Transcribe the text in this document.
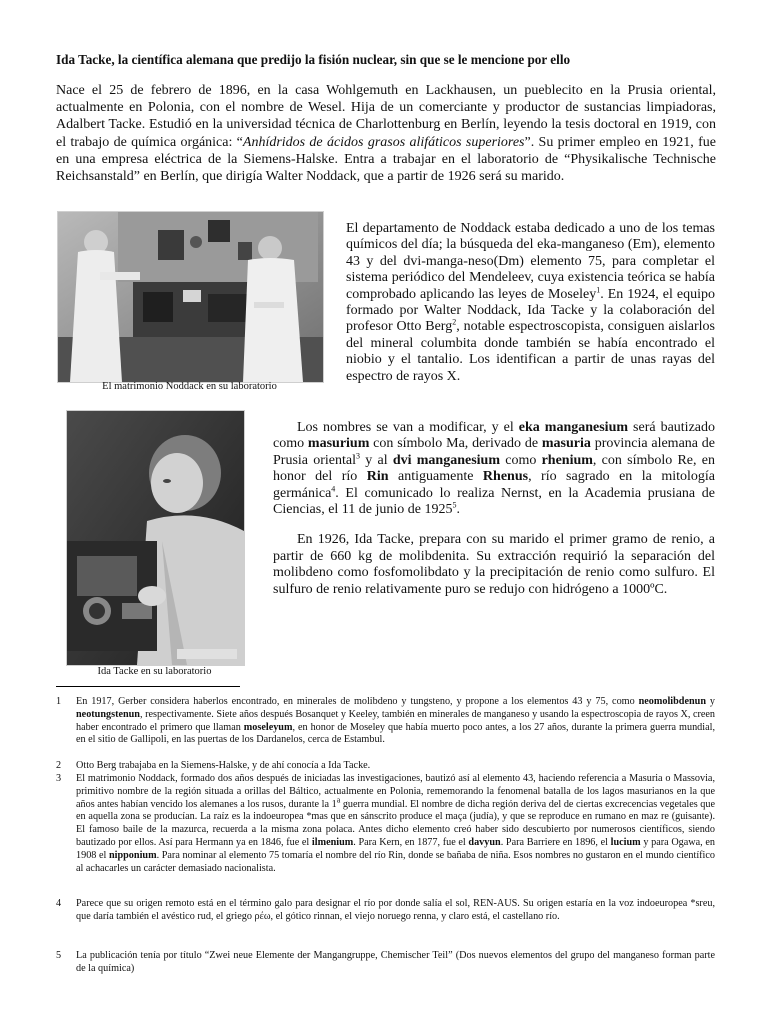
Ida Tacke, la científica alemana que predijo la fisión nuclear, sin que se le mencione por ello
Nace el 25 de febrero de 1896, en la casa Wohlgemuth en Lackhausen, un pueblecito en la Prusia oriental, actualmente en Polonia, con el nombre de Wesel. Hija de un comerciante y productor de sustancias limpiadoras, Adalbert Tacke. Estudió en la universidad técnica de Charlottenburg en Berlín, leyendo la tesis doctoral en 1919, con el trabajo de química orgánica: “Anhídridos de ácidos grasos alifáticos superiores”. Su primer empleo en 1921, fue en una empresa eléctrica de la Siemens-Halske. Entra a trabajar en el laboratorio de “Physikalische Technische Reichsanstald” en Berlín, que dirigía Walter Noddack, que a partir de 1926 será su marido.
El matrimonio Noddack en su laboratorio

El departamento de Noddack estaba dedicado a uno de los temas químicos del día; la búsqueda del eka-manganeso (Em), elemento 43 y del dvi-manga-neso(Dm) elemento 75, para completar el sistema periódico del Mendeleev, cuya existencia teórica se había comprobado aplicando las leyes de Moseley$^1$. En 1924, el equipo formado por Walter Noddack, Ida Tacke y la colaboración del profesor Otto Berg$^2$, notable espectroscopista, consiguen aislarlos del mineral columbita donde también se había encontrado el niobio y el tantalio. Los identifican a partir de unas rayas del espectro de rayos X.

Ida Tacke en su laboratorio

Los nombres se van a modificar, y el eka manganesium será bautizado como masurium con símbolo Ma, derivado de masuria provincia alemana de Prusia oriental$^3$ y al dvi manganesium como rhenium, con símbolo Re, en honor del río Rin antiguamente Rhenus, río sagrado en la mitología germánica$^4$. El comunicado lo realiza Nernst, en la Academia prusiana de Ciencias, el 11 de junio de 1925$^5$.

En 1926, Ida Tacke, prepara con su marido el primer gramo de renio, a partir de 660 kg de molibdenita. Su extracción requirió la separación del molibdeno como fosfomolibdato y la precipitación de renio como sulfuro. El sulfuro de renio relativamente puro se redujo con hidrógeno a 1000ºC.

1 En 1917, Gerber considera haberlos encontrado, en minerales de molibdeno y tungsteno, y propone a los elementos 43 y 75, como neomolibdenun y neotungstenun, respectivamente. Siete años después Bosanquet y Keeley, también en minerales de manganeso y usando la espectroscopia de rayos X, creen haber encontrado el primero que llaman moseleyum, en honor de Moseley que había muerto poco antes, a los 27 años, durante la primera guerra mundial, en el sitio de Gallipoli, en las puertas de los Dardanelos, cerca de Estambul.
2 Otto Berg trabajaba en la Siemens-Halske, y de ahí conocía a Ida Tacke.
3 El matrimonio Noddack, formado dos años después de iniciadas las investigaciones, bautizó así al elemento 43, haciendo referencia a Masuria o Massovia, primitivo nombre de la región situada a orillas del Báltico, actualmente en Polonia, rememorando la fenomenal batalla de los lagos masurianos en la que años antes habían vencido los alemanes a los rusos, durante la 1$^a$ guerra mundial. El nombre de dicha región deriva del de ciertas excrecencias vegetales que en aquella zona se producían. La raíz es la indoeuropea *mas que en sánscrito produce el maça (judía), y que se reproduce en rumano en maz re (guisante). El famoso baile de la mazurca, recuerda a la misma zona polaca. Antes dicho elemento creó haber sido descubierto por numerosos científicos, siendo bautizado por ellos. Así para Hermann ya en 1846, fue el ilmenium. Para Kern, en 1877, fue el davyun. Para Barriere en 1896, el lucium y para Ogawa, en 1908 el nipponium. Para nominar al elemento 75 tomaría el nombre del río Rin, donde se bañaba de niña. Esos nombres no gustaron en el mundo científico al achacarles un carácter demasiado nacionalista.
4 Parece que su origen remoto está en el término galo para designar el río por donde salía el sol, REN-AUS. Su origen estaría en la voz indoeuropea *sreu, que daría también el avéstico rud, el griego ρέω, el gótico rinnan, el viejo noruego renna, y claro está, el castellano río.
5 La publicación tenía por título “Zwei neue Elemente der Mangangruppe, Chemischer Teil” (Dos nuevos elementos del grupo del manganeso forman parte de la química)
